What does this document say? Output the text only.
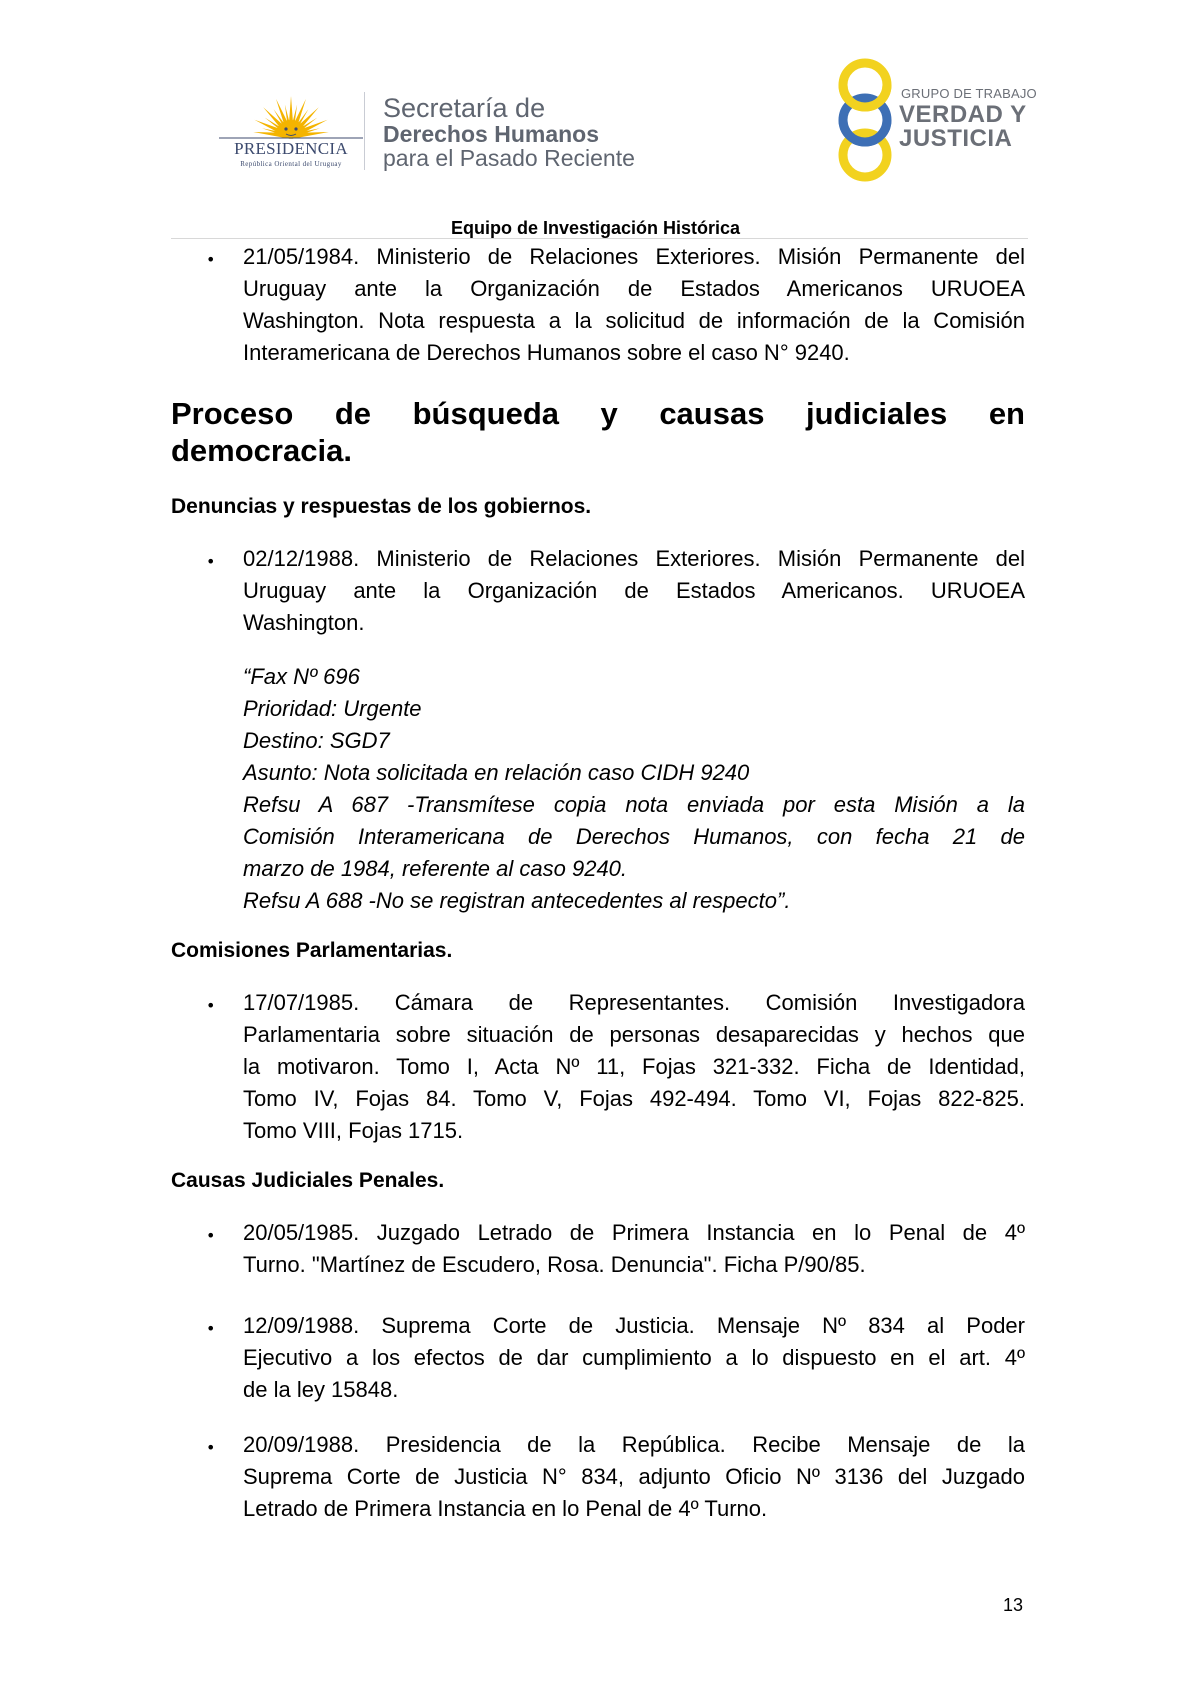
PRESIDENCIA
República Oriental del Uruguay
Secretaría de
Derechos Humanos
para el Pasado Reciente
GRUPO DE TRABAJO
VERDAD Y
JUSTICIA
Equipo de Investigación Histórica
• 21/05/1984. Ministerio de Relaciones Exteriores. Misión Permanente del
Uruguay ante la Organización de Estados Americanos URUOEA
Washington. Nota respuesta a la solicitud de información de la Comisión
Interamericana de Derechos Humanos sobre el caso N° 9240.
Proceso de búsqueda y causas judiciales en
democracia.
Denuncias y respuestas de los gobiernos.
• 02/12/1988. Ministerio de Relaciones Exteriores. Misión Permanente del
Uruguay ante la Organización de Estados Americanos. URUOEA
Washington.
“Fax Nº 696
Prioridad: Urgente
Destino: SGD7
Asunto: Nota solicitada en relación caso CIDH 9240
Refsu A 687 -Transmítese copia nota enviada por esta Misión a la
Comisión Interamericana de Derechos Humanos, con fecha 21 de
marzo de 1984, referente al caso 9240.
Refsu A 688 -No se registran antecedentes al respecto”.
Comisiones Parlamentarias.
• 17/07/1985. Cámara de Representantes. Comisión Investigadora
Parlamentaria sobre situación de personas desaparecidas y hechos que
la motivaron. Tomo I, Acta Nº 11, Fojas 321-332. Ficha de Identidad,
Tomo IV, Fojas 84. Tomo V, Fojas 492-494. Tomo VI, Fojas 822-825.
Tomo VIII, Fojas 1715.
Causas Judiciales Penales.
• 20/05/1985. Juzgado Letrado de Primera Instancia en lo Penal de 4º
Turno. "Martínez de Escudero, Rosa. Denuncia". Ficha P/90/85.
• 12/09/1988. Suprema Corte de Justicia. Mensaje Nº 834 al Poder
Ejecutivo a los efectos de dar cumplimiento a lo dispuesto en el art. 4º
de la ley 15848.
• 20/09/1988. Presidencia de la República. Recibe Mensaje de la
Suprema Corte de Justicia N° 834, adjunto Oficio Nº 3136 del Juzgado
Letrado de Primera Instancia en lo Penal de 4º Turno.
13
